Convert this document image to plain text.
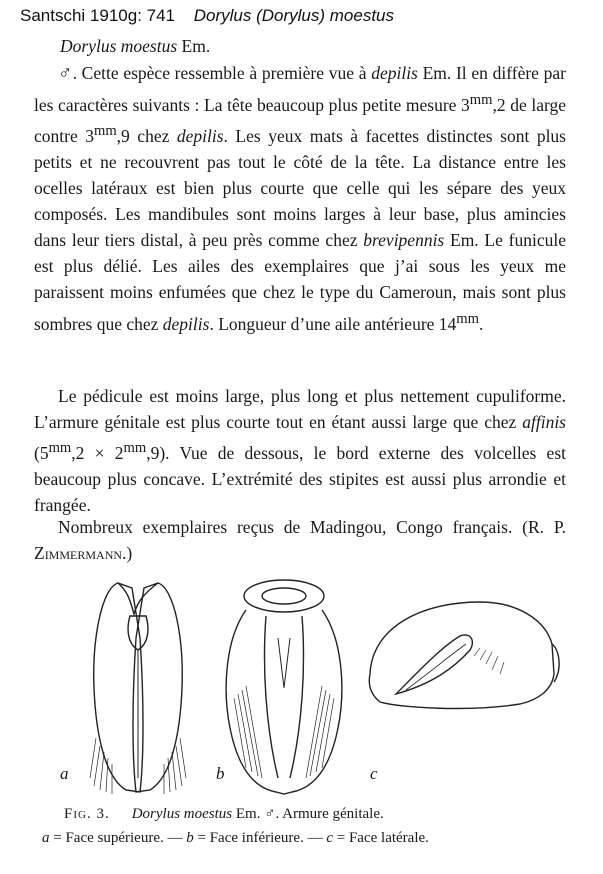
Santschi 1910g: 741 Dorylus (Dorylus) moestus
Dorylus moestus Em.

♂. Cette espèce ressemble à première vue à depilis Em. Il en diffère par les caractères suivants : La tête beaucoup plus petite mesure $3^{mm},2$ de large contre $3^{mm},9$ chez depilis. Les yeux mats à facettes distinctes sont plus petits et ne recouvrent pas tout le côté de la tête. La distance entre les ocelles latéraux est bien plus courte que celle qui les sépare des yeux composés. Les mandibules sont moins larges à leur base, plus amincies dans leur tiers distal, à peu près comme chez brevipennis Em. Le funicule est plus délié. Les ailes des exemplaires que j’ai sous les yeux me paraissent moins enfumées que chez le type du Cameroun, mais sont plus sombres que chez depilis. Longueur d’une aile antérieure $14^{mm}$.

Le pédicule est moins large, plus long et plus nettement cupuliforme. L’armure génitale est plus courte tout en étant aussi large que chez affinis $(5^{mm},2 \times 2^{mm},9)$. Vue de dessous, le bord externe des volcelles est beaucoup plus concave. L’extrémité des stipites est aussi plus arrondie et frangée.

Nombreux exemplaires reçus de Madingou, Congo français. (R. P. Zimmermann.)

a	b	c
Fig. 3. Dorylus moestus Em. ♂. Armure génitale.
a = Face supérieure. — b = Face inférieure. — c = Face latérale.
